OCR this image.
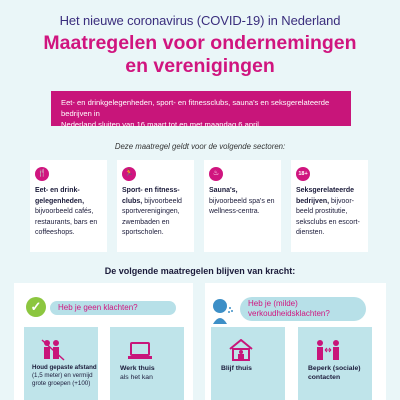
Het nieuwe coronavirus (COVID-19) in Nederland
Maatregelen voor ondernemingen
en verenigingen
Eet- en drinkgelegenheden, sport- en fitnessclubs, sauna's en seksgerelateerde bedrijven in
Nederland sluiten van 16 maart tot en met maandag 6 april.
Deze maatregel geldt voor de volgende sectoren:
🍴
Eet- en drink-gelegenheden, bijvoorbeeld cafés, restaurants, bars en coffeeshops.
🏃
Sport- en fitness-clubs, bijvoorbeeld sportverenigingen, zwembaden en sportscholen.
♨
Sauna's, bijvoorbeeld spa's en wellness-centra.
18+
Seksgerelateerde bedrijven, bijvoor-beeld prostitutie, seksclubs en escort-diensten.
De volgende maatregelen blijven van kracht:
✓	Heb je geen klachten?	Heb je (milde) verkoudheidsklachten?
Houd gepaste afstand (1,5 meter) en vermijd grote groepen (+100)
Werk thuis
als het kan
Blijf thuis	Beperk (sociale) contacten
